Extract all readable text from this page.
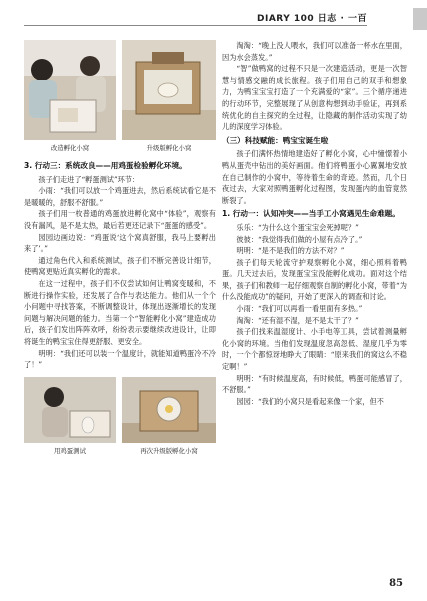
DIARY 100 日志 · 一百
改造孵化小窝	升级版孵化小窝
3. 行动三：系统改良——用鸡蛋检验孵化环境。

孩子们走进了“孵蛋测试”环节：

小雨：“我们可以放一个鸡蛋进去，然后系统试看它是不是暖暖的，舒服不舒服。”

孩子们用一枚普通的鸡蛋放进孵化窝中“体验”，观察有没有漏风，是不是太热，最后若更还记录下“蛋蛋的感受”。

园园边画边说：“鸡蛋说‘这个窝真舒服，我马上要孵出来了’。”

通过角色代入和系统测试，孩子们不断完善设计细节，使鸭窝更贴近真实孵化的需求。

在这一过程中，孩子们不仅尝试如何让鸭窝变暖和，不断进行操作实验，还发展了合作与表达能力。他们从一个个小问题中寻找答案，不断调整设计，体现出逐渐增长的发现问题与解决问题的能力。当第一个“智能孵化小窝”建造成功后，孩子们发出阵阵欢呼，纷纷表示要继续改进设计，让即将诞生的鸭宝宝住得更舒服、更安全。

明明：“我们还可以装一个温度计，就能知道鸭蛋冷不冷了！”

用鸡蛋测试	再次升级版孵化小窝

淘淘：“晚上没人喂水，我们可以准备一杯水在里面，因为水会蒸发。”

“智”做鸭窝的过程不只是一次建造活动，更是一次智慧与情感交融的成长旅程。孩子们用自己的双手和想象力，为鸭宝宝宝打造了一个充满爱的“家”。三个循序递进的行动环节，完整展现了从创意构想到动手验证，再到系统优化的自主探究的全过程，让隐藏的制作活动实现了幼儿的深度学习体验。

（三）科技赋能：鸭宝宝诞生啦

孩子们满怀热情地建造好了孵化小窝，心中憧憬着小鸭从蛋壳中钻出的美好画面。他们将鸭蛋小心翼翼地安放在自己制作的小窝中，等待着生命的奇迹。然而，几个日夜过去，大家对照鸭蛋孵化过程图，发现蛋内的血管竟然断裂了。

1. 行动一：认知冲突——当手工小窝遇见生命难题。

乐乐：“为什么这个蛋宝宝会死掉呢？”

彼彼：“我觉得我们做的小屋有点冷了。”

明明：“是不是我们的方法不对？”

孩子们每天轮流守护观察孵化小窝，细心照料着鸭蛋。几天过去后，发现蛋宝宝没能孵化成功。面对这个结果，孩子们和教师一起仔细观察自制的孵化小窝，带着“为什么没能成功”的疑问，开始了更深入的调查和讨论。

小雨：“我们可以再看一看里面有多热。”

淘淘：“还有湿不湿，是不是太干了？”

孩子们找来温湿度计、小手电等工具，尝试着测量孵化小窝的环境。当他们发现温度忽高忽低、湿度几乎为零时，一个个都惊讶地睁大了眼睛：“原来我们的窝这么不稳定啊！”

明明：“有时候温度高，有时候低，鸭蛋可能感冒了，不舒服。”

园园：“我们的小窝只是看起来像一个家，但不

85
